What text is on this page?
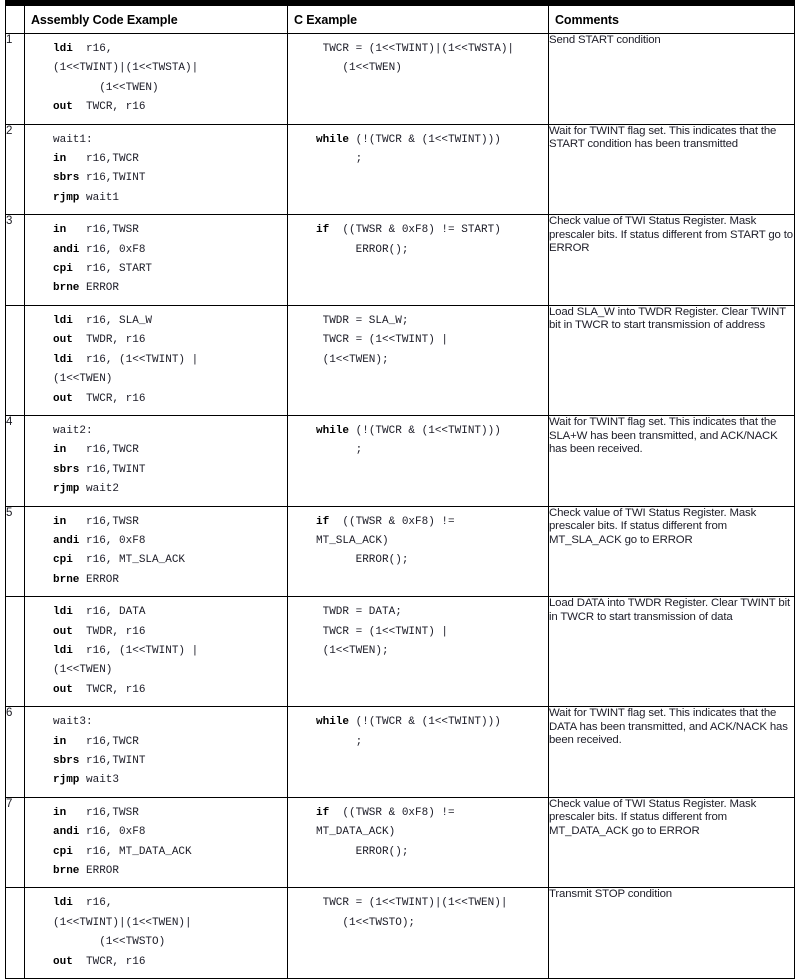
	Assembly Code Example	C Example	Comments
1	ldi  r16,
(1<<TWINT)|(1<<TWSTA)|
(1<<TWEN)
out  TWCR, r16	TWCR = (1<<TWINT)|(1<<TWSTA)|
(1<<TWEN)	Send START condition

2	wait1:
in   r16,TWCR
sbrs r16,TWINT
rjmp wait1	while (!(TWCR & (1<<TWINT)))
;	Wait for TWINT flag set. This indicates that the START condition has been transmitted

3	in   r16,TWSR
andi r16, 0xF8
cpi  r16, START
brne ERROR	if  ((TWSR & 0xF8) != START)
ERROR();	Check value of TWI Status Register. Mask prescaler bits. If status different from START go to ERROR

	ldi  r16, SLA_W
out  TWDR, r16
ldi  r16, (1<<TWINT) |
(1<<TWEN)
out  TWCR, r16	TWDR = SLA_W;
TWCR = (1<<TWINT) |
(1<<TWEN);	Load SLA_W into TWDR Register. Clear TWINT bit in TWCR to start transmission of address

4	wait2:
in   r16,TWCR
sbrs r16,TWINT
rjmp wait2	while (!(TWCR & (1<<TWINT)))
;	Wait for TWINT flag set. This indicates that the SLA+W has been transmitted, and ACK/NACK has been received.

5	in   r16,TWSR
andi r16, 0xF8
cpi  r16, MT_SLA_ACK
brne ERROR	if  ((TWSR & 0xF8) !=
MT_SLA_ACK)
ERROR();	Check value of TWI Status Register. Mask prescaler bits. If status different from MT_SLA_ACK go to ERROR

	ldi  r16, DATA
out  TWDR, r16
ldi  r16, (1<<TWINT) |
(1<<TWEN)
out  TWCR, r16	TWDR = DATA;
TWCR = (1<<TWINT) |
(1<<TWEN);	Load DATA into TWDR Register. Clear TWINT bit in TWCR to start transmission of data

6	wait3:
in   r16,TWCR
sbrs r16,TWINT
rjmp wait3	while (!(TWCR & (1<<TWINT)))
;	Wait for TWINT flag set. This indicates that the DATA has been transmitted, and ACK/NACK has been received.

7	in   r16,TWSR
andi r16, 0xF8
cpi  r16, MT_DATA_ACK
brne ERROR	if  ((TWSR & 0xF8) !=
MT_DATA_ACK)
ERROR();	Check value of TWI Status Register. Mask prescaler bits. If status different from MT_DATA_ACK go to ERROR

	ldi  r16,
(1<<TWINT)|(1<<TWEN)|
(1<<TWSTO)
out  TWCR, r16	TWCR = (1<<TWINT)|(1<<TWEN)|
(1<<TWSTO);	Transmit STOP condition
